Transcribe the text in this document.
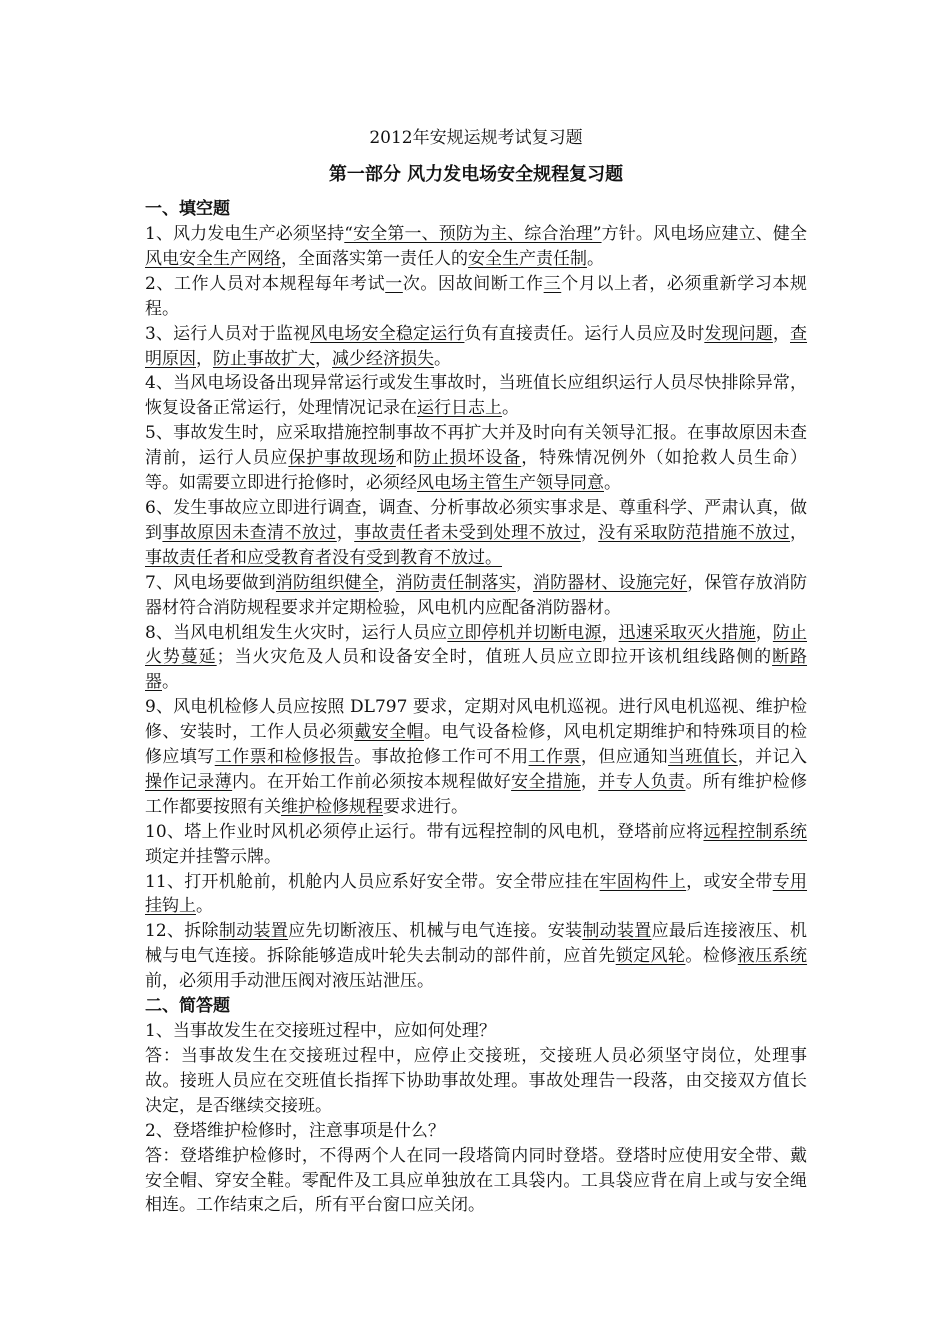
2012年安规运规考试复习题
第一部分 风力发电场安全规程复习题
一、填空题
1、风力发电生产必须坚持“安全第一、预防为主、综合治理”方针。风电场应建立、健全风电安全生产网络，全面落实第一责任人的安全生产责任制。
2、工作人员对本规程每年考试一次。因故间断工作三个月以上者，必须重新学习本规程。
3、运行人员对于监视风电场安全稳定运行负有直接责任。运行人员应及时发现问题，查明原因，防止事故扩大，减少经济损失。
4、当风电场设备出现异常运行或发生事故时，当班值长应组织运行人员尽快排除异常，恢复设备正常运行，处理情况记录在运行日志上。
5、事故发生时，应采取措施控制事故不再扩大并及时向有关领导汇报。在事故原因未查清前，运行人员应保护事故现场和防止损坏设备，特殊情况例外（如抢救人员生命）等。如需要立即进行抢修时，必须经风电场主管生产领导同意。
6、发生事故应立即进行调查，调查、分析事故必须实事求是、尊重科学、严肃认真，做到事故原因未查清不放过，事故责任者未受到处理不放过，没有采取防范措施不放过，事故责任者和应受教育者没有受到教育不放过。
7、风电场要做到消防组织健全，消防责任制落实，消防器材、设施完好，保管存放消防器材符合消防规程要求并定期检验，风电机内应配备消防器材。
8、当风电机组发生火灾时，运行人员应立即停机并切断电源，迅速采取灭火措施，防止火势蔓延；当火灾危及人员和设备安全时，值班人员应立即拉开该机组线路侧的断路器。
9、风电机检修人员应按照 DL797 要求，定期对风电机巡视。进行风电机巡视、维护检修、安装时，工作人员必须戴安全帽。电气设备检修，风电机定期维护和特殊项目的检修应填写工作票和检修报告。事故抢修工作可不用工作票，但应通知当班值长，并记入操作记录薄内。在开始工作前必须按本规程做好安全措施，并专人负责。所有维护检修工作都要按照有关维护检修规程要求进行。
10、塔上作业时风机必须停止运行。带有远程控制的风电机，登塔前应将远程控制系统琐定并挂警示牌。
11、打开机舱前，机舱内人员应系好安全带。安全带应挂在牢固构件上，或安全带专用挂钩上。
12、拆除制动装置应先切断液压、机械与电气连接。安装制动装置应最后连接液压、机械与电气连接。拆除能够造成叶轮失去制动的部件前，应首先锁定风轮。检修液压系统前，必须用手动泄压阀对液压站泄压。
二、简答题
1、当事故发生在交接班过程中，应如何处理？
答：当事故发生在交接班过程中，应停止交接班，交接班人员必须坚守岗位，处理事故。接班人员应在交班值长指挥下协助事故处理。事故处理告一段落，由交接双方值长决定，是否继续交接班。
2、登塔维护检修时，注意事项是什么？
答：登塔维护检修时，不得两个人在同一段塔筒内同时登塔。登塔时应使用安全带、戴安全帽、穿安全鞋。零配件及工具应单独放在工具袋内。工具袋应背在肩上或与安全绳相连。工作结束之后，所有平台窗口应关闭。
